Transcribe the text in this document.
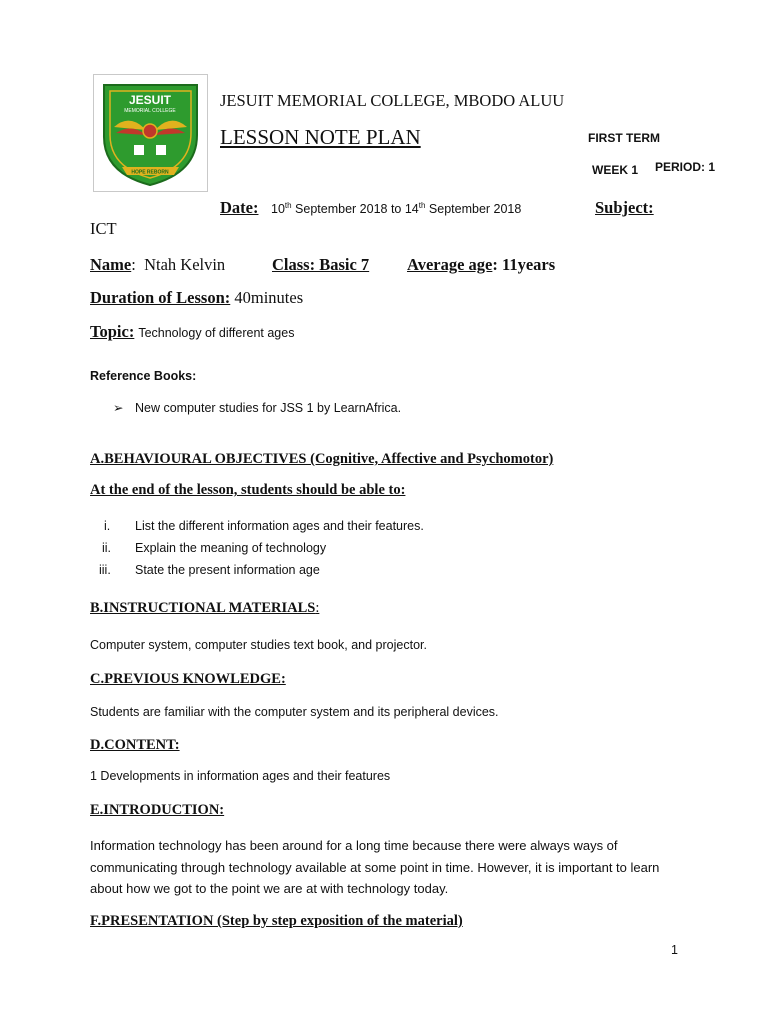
JESUIT
MEMORIAL COLLEGE
HOPE REBORN
JESUIT MEMORIAL COLLEGE, MBODO ALUU
LESSON NOTE PLAN	FIRST TERM
WEEK 1 PERIOD: 1
Date: 10th September 2018 to 14th September 2018	Subject:
ICT
Name: Ntah Kelvin	Class: Basic 7 Average age: 11years
Duration of Lesson: 40minutes
Topic: Technology of different ages
Reference Books:
➢ New computer studies for JSS 1 by LearnAfrica.
A.BEHAVIOURAL OBJECTIVES (Cognitive, Affective and Psychomotor)
At the end of the lesson, students should be able to:
i. List the different information ages and their features.
ii. Explain the meaning of technology
iii. State the present information age
B.INSTRUCTIONAL MATERIALS:
Computer system, computer studies text book, and projector.
C.PREVIOUS KNOWLEDGE:
Students are familiar with the computer system and its peripheral devices.
D.CONTENT:
1 Developments in information ages and their features
E.INTRODUCTION:
Information technology has been around for a long time because there were always ways of communicating through technology available at some point in time. However, it is important to learn about how we got to the point we are at with technology today.
F.PRESENTATION (Step by step exposition of the material)
1
